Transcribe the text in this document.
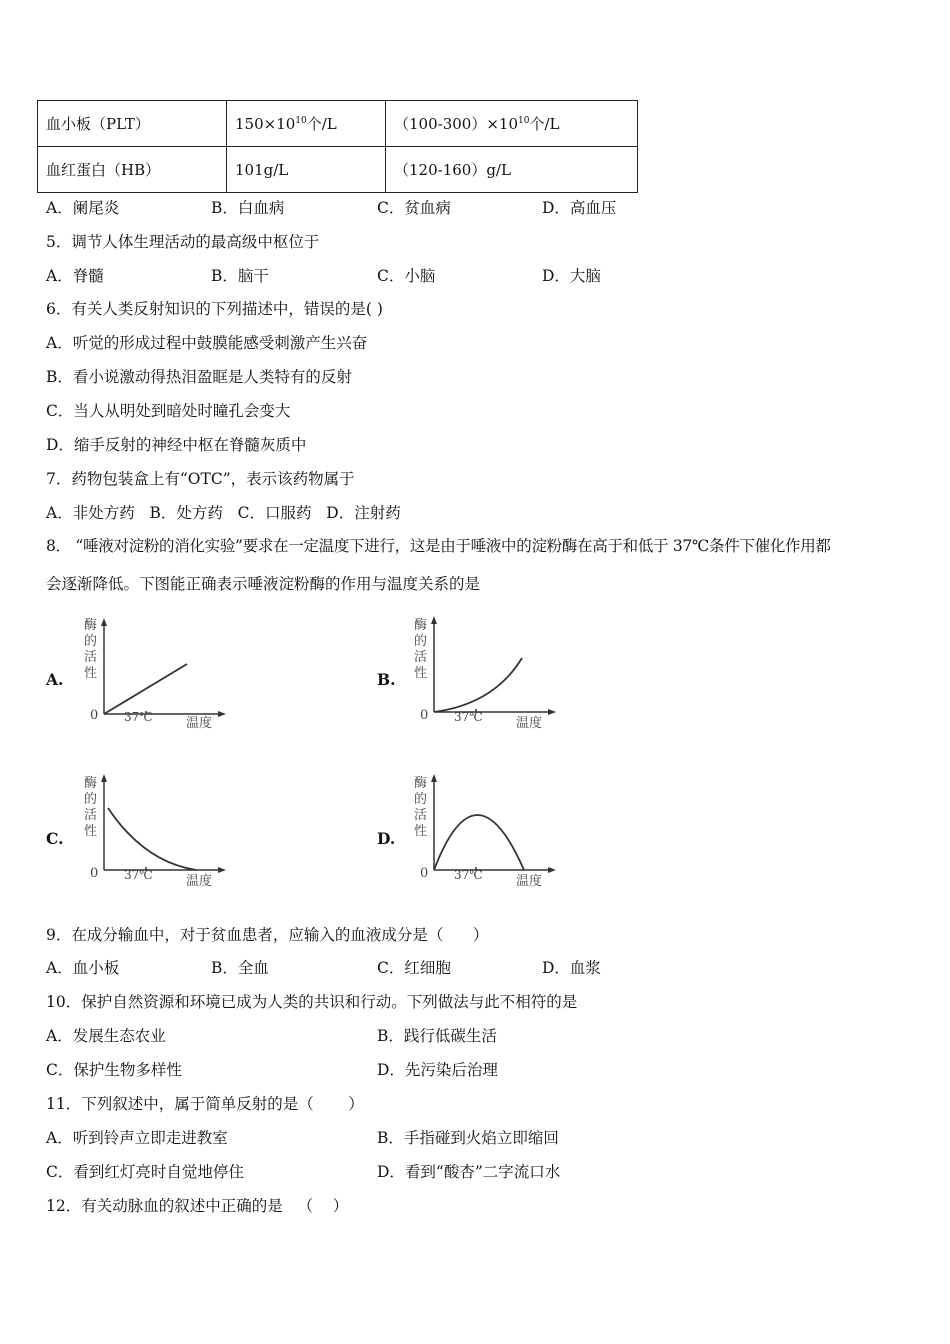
血小板（PLT）	$150\times 10^{10}$个/L	$(100-300)\times 10^{10}$个/L
血红蛋白（HB）	101g/L	（120-160）g/L
A．阑尾炎	B．白血病	C．贫血病	D．高血压
5．调节人体生理活动的最高级中枢位于
A．脊髓	B．脑干	C．小脑	D．大脑
6．有关人类反射知识的下列描述中，错误的是( )
A．听觉的形成过程中鼓膜能感受刺激产生兴奋
B．看小说激动得热泪盈眶是人类特有的反射
C．当人从明处到暗处时瞳孔会变大
D．缩手反射的神经中枢在脊髓灰质中
7．药物包装盒上有“OTC”，表示该药物属于
A．非处方药   B．处方药   C．口服药   D．注射药
8． “唾液对淀粉的消化实验”要求在一定温度下进行，这是由于唾液中的淀粉酶在高于和低于 37℃条件下催化作用都
会逐渐降低。下图能正确表示唾液淀粉酶的作用与温度关系的是
A.	B.
C.	D.
酶的活性
0 37℃	温度
酶的活性
0 37℃	温度
酶的活性
0 37℃	温度
酶的活性
0 37℃	温度
9．在成分输血中，对于贫血患者，应输入的血液成分是（      ）
A．血小板	B．全血	C．红细胞	D．血浆
10．保护自然资源和环境已成为人类的共识和行动。下列做法与此不相符的是
A．发展生态农业	B．践行低碳生活
C．保护生物多样性	D．先污染后治理
11．下列叙述中，属于简单反射的是（       ）
A．听到铃声立即走进教室	B．手指碰到火焰立即缩回
C．看到红灯亮时自觉地停住	D．看到“酸杏”二字流口水
12．有关动脉血的叙述中正确的是   （    ）
